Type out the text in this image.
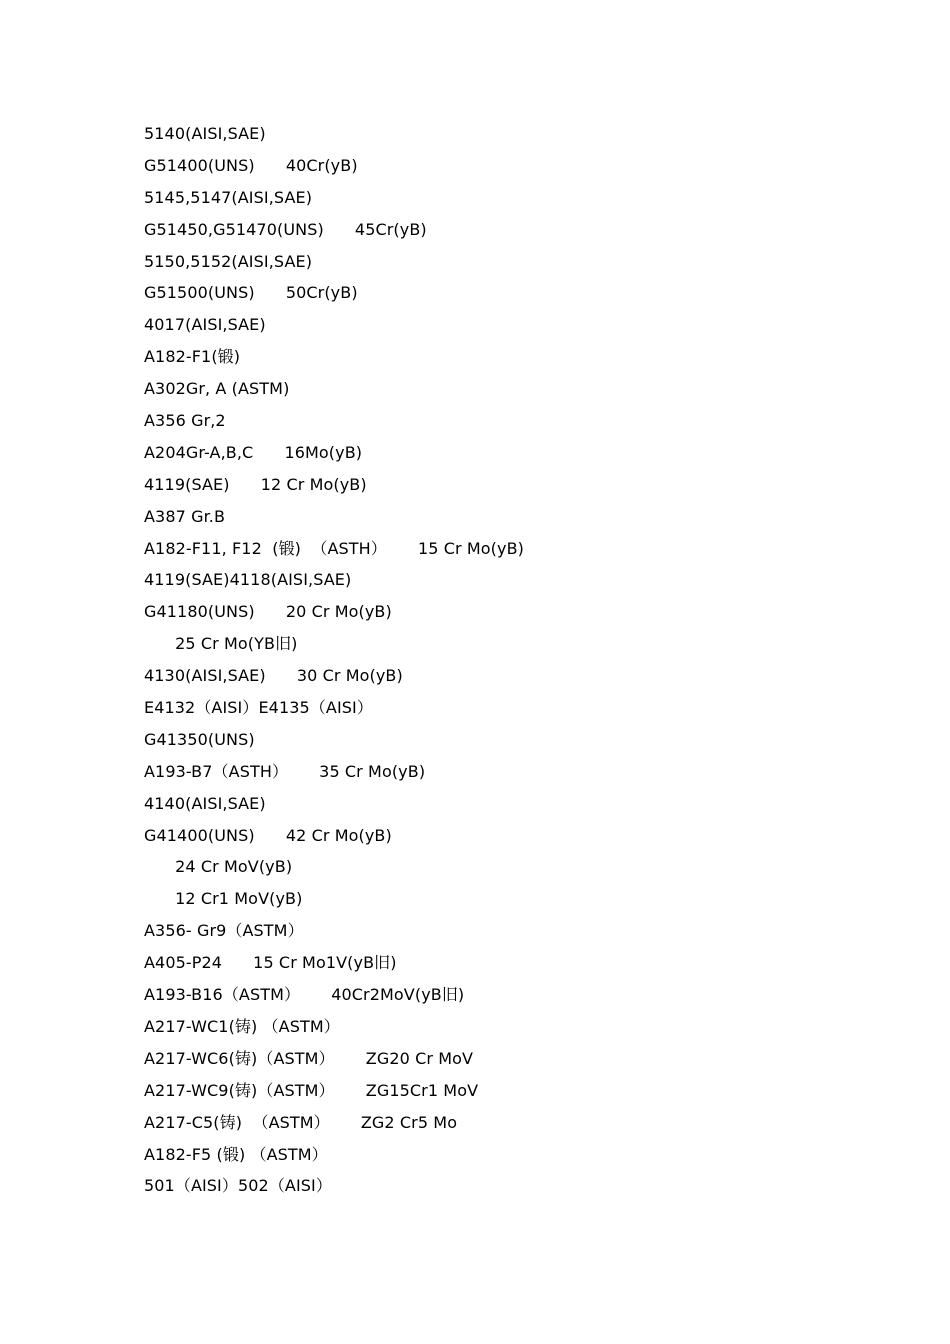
5140(AISI,SAE)
G51400(UNS)      40Cr(yB)
5145,5147(AISI,SAE)
G51450,G51470(UNS)      45Cr(yB)
5150,5152(AISI,SAE)
G51500(UNS)      50Cr(yB)
4017(AISI,SAE)
A182-F1(锻)
A302Gr, A (ASTM)
A356 Gr,2
A204Gr-A,B,C      16Mo(yB)
4119(SAE)      12 Cr Mo(yB)
A387 Gr.B
A182-F11, F12  (锻)  （ASTH）      15 Cr Mo(yB)
4119(SAE)4118(AISI,SAE)
G41180(UNS)      20 Cr Mo(yB)
25 Cr Mo(YB旧)
4130(AISI,SAE)      30 Cr Mo(yB)
E4132（AISI）E4135（AISI）
G41350(UNS)
A193-B7（ASTH）      35 Cr Mo(yB)
4140(AISI,SAE)
G41400(UNS)      42 Cr Mo(yB)
24 Cr MoV(yB)
12 Cr1 MoV(yB)
A356- Gr9（ASTM）
A405-P24      15 Cr Mo1V(yB旧)
A193-B16（ASTM）      40Cr2MoV(yB旧)
A217-WC1(铸) （ASTM）
A217-WC6(铸)（ASTM）      ZG20 Cr MoV
A217-WC9(铸)（ASTM）      ZG15Cr1 MoV
A217-C5(铸)  （ASTM）      ZG2 Cr5 Mo
A182-F5 (锻) （ASTM）
501（AISI）502（AISI）
